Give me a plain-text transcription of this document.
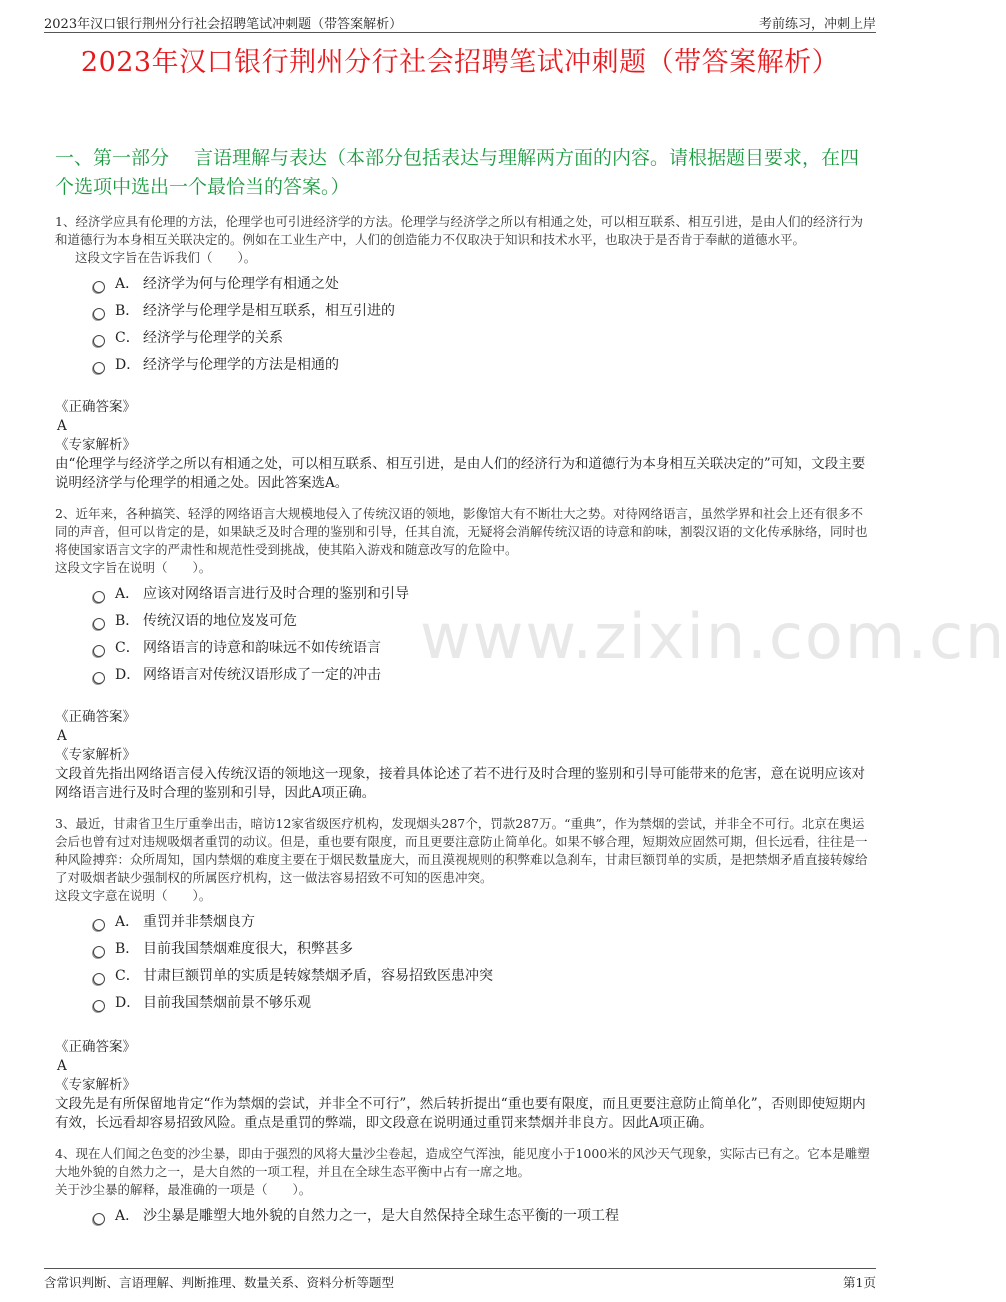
2023年汉口银行荆州分行社会招聘笔试冲刺题（带答案解析）	考前练习，冲刺上岸
2023年汉口银行荆州分行社会招聘笔试冲刺题（带答案解析）
一、第一部分　 言语理解与表达（本部分包括表达与理解两方面的内容。请根据题目要求，在四个选项中选出一个最恰当的答案。）
www.zixin.com.cn
1、经济学应具有伦理的方法，伦理学也可引进经济学的方法。伦理学与经济学之所以有相通之处，可以相互联系、相互引进，是由人们的经济行为和道德行为本身相互关联决定的。例如在工业生产中，人们的创造能力不仅取决于知识和技术水平，也取决于是否肯于奉献的道德水平。
这段文字旨在告诉我们（　　）。
A． 经济学为何与伦理学有相通之处
B． 经济学与伦理学是相互联系，相互引进的
C． 经济学与伦理学的关系
D． 经济学与伦理学的方法是相通的
《正确答案》
A
《专家解析》
由“伦理学与经济学之所以有相通之处，可以相互联系、相互引进，是由人们的经济行为和道德行为本身相互关联决定的”可知，文段主要说明经济学与伦理学的相通之处。因此答案选A。
2、近年来，各种搞笑、轻浮的网络语言大规模地侵入了传统汉语的领地，影像馆大有不断壮大之势。对待网络语言，虽然学界和社会上还有很多不同的声音，但可以肯定的是，如果缺乏及时合理的鉴别和引导，任其自流，无疑将会消解传统汉语的诗意和韵味，割裂汉语的文化传承脉络，同时也将使国家语言文字的严肃性和规范性受到挑战，使其陷入游戏和随意改写的危险中。
这段文字旨在说明（　　）。
A． 应该对网络语言进行及时合理的鉴别和引导
B． 传统汉语的地位岌岌可危
C． 网络语言的诗意和韵味远不如传统语言
D． 网络语言对传统汉语形成了一定的冲击
《正确答案》
A
《专家解析》
文段首先指出网络语言侵入传统汉语的领地这一现象，接着具体论述了若不进行及时合理的鉴别和引导可能带来的危害，意在说明应该对网络语言进行及时合理的鉴别和引导，因此A项正确。
3、最近，甘肃省卫生厅重拳出击，暗访12家省级医疗机构，发现烟头287个，罚款287万。“重典”，作为禁烟的尝试，并非全不可行。北京在奥运会后也曾有过对违规吸烟者重罚的动议。但是，重也要有限度，而且更要注意防止简单化。如果不够合理，短期效应固然可期，但长远看，往往是一种风险搏弈：众所周知，国内禁烟的难度主要在于烟民数量庞大，而且漠视规则的积弊难以急刹车，甘肃巨额罚单的实质，是把禁烟矛盾直接转嫁给了对吸烟者缺少强制权的所属医疗机构，这一做法容易招致不可知的医患冲突。
这段文字意在说明（　　）。
A． 重罚并非禁烟良方
B． 目前我国禁烟难度很大，积弊甚多
C． 甘肃巨额罚单的实质是转嫁禁烟矛盾，容易招致医患冲突
D． 目前我国禁烟前景不够乐观
《正确答案》
A
《专家解析》
文段先是有所保留地肯定“作为禁烟的尝试，并非全不可行”，然后转折提出“重也要有限度，而且更要注意防止简单化”，否则即使短期内有效，长远看却容易招致风险。重点是重罚的弊端，即文段意在说明通过重罚来禁烟并非良方。因此A项正确。
4、现在人们闻之色变的沙尘暴，即由于强烈的风将大量沙尘卷起，造成空气浑浊，能见度小于1000米的风沙天气现象，实际古已有之。它本是雕塑大地外貌的自然力之一，是大自然的一项工程，并且在全球生态平衡中占有一席之地。
关于沙尘暴的解释，最准确的一项是（　　）。
A． 沙尘暴是雕塑大地外貌的自然力之一，是大自然保持全球生态平衡的一项工程
含常识判断、言语理解、判断推理、数量关系、资料分析等题型	第1页
